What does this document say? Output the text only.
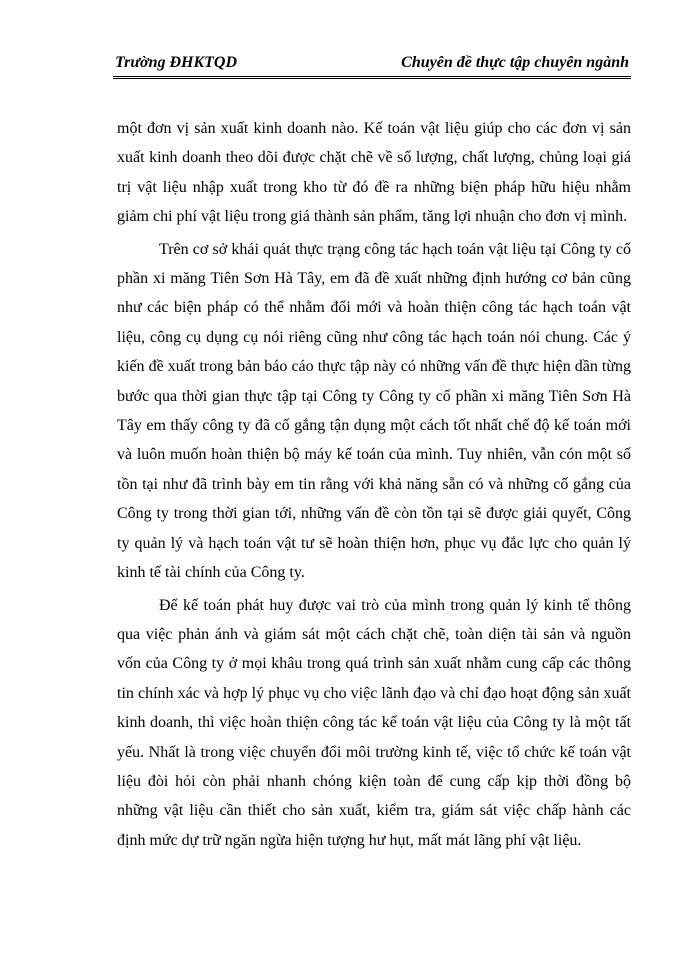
Trường ĐHKTQD	Chuyên đề thực tập chuyên ngành

một đơn vị sản xuất kinh doanh nào. Kế toán vật liệu giúp cho các đơn vị sản xuất kinh doanh theo dõi được chặt chẽ về số lượng, chất lượng, chủng loại giá trị vật liệu nhập xuất trong kho từ đó đề ra những biện pháp hữu hiệu nhằm giảm chi phí vật liệu trong giá thành sản phẩm, tăng lợi nhuận cho đơn vị mình.

Trên cơ sở khái quát thực trạng công tác hạch toán vật liệu tại Công ty cổ phần xi măng Tiên Sơn Hà Tây, em đã đề xuất những định hướng cơ bản cũng như các biện pháp có thể nhằm đổi mới và hoàn thiện công tác hạch toán vật liệu, công cụ dụng cụ nói riêng cũng như công tác hạch toán nói chung. Các ý kiến đề xuất trong bản báo cáo thực tập này có những vấn đề thực hiện dần từng bước qua thời gian thực tập tại Công ty Công ty cổ phần xi măng Tiên Sơn Hà Tây em thấy công ty đã cố gắng tận dụng một cách tốt nhất chế độ kế toán mới và luôn muốn hoàn thiện bộ máy kế toán của mình. Tuy nhiên, vẫn cón một số tồn tại như đã trình bày em tin rằng với khả năng sẵn có và những cố gắng của Công ty trong thời gian tới, những vấn đề còn tồn tại sẽ được giải quyết, Công ty quản lý và hạch toán vật tư sẽ hoàn thiện hơn, phục vụ đắc lực cho quản lý kinh tế tài chính của Công ty.

Để kế toán phát huy được vai trò của mình trong quản lý kinh tế thông qua việc phản ánh và giám sát một cách chặt chẽ, toàn diện tài sản và nguồn vốn của Công ty ở mọi khâu trong quá trình sản xuất nhằm cung cấp các thông tin chính xác và hợp lý phục vụ cho việc lãnh đạo và chỉ đạo hoạt động sản xuất kinh doanh, thì việc hoàn thiện công tác kế toán vật liệu của Công ty là một tất yếu. Nhất là trong việc chuyển đổi môi trường kinh tế, việc tổ chức kế toán vật liệu đòi hỏi còn phải nhanh chóng kiện toàn để cung cấp kịp thời đồng bộ những vật liệu cần thiết cho sản xuất, kiểm tra, giám sát việc chấp hành các định mức dự trữ ngăn ngừa hiện tượng hư hụt, mất mát lãng phí vật liệu.
